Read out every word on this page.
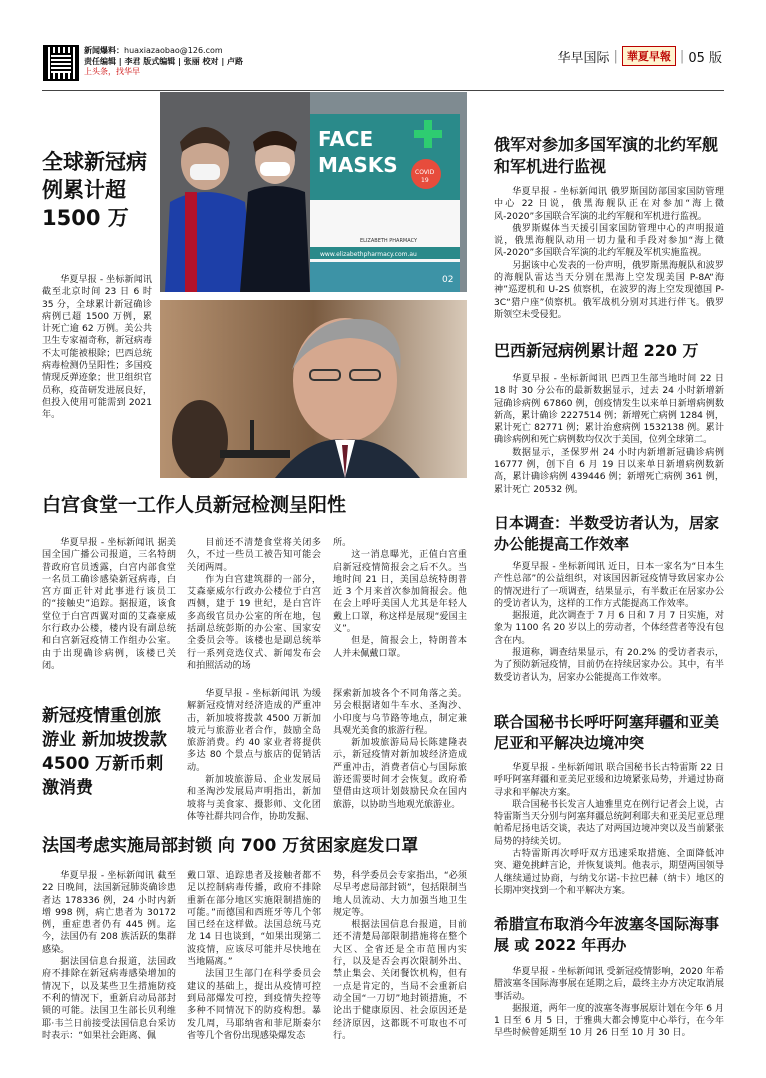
新闻爆料：huaxiazaobao@126.com
责任编辑 | 李君 版式编辑 | 张丽 校对 | 卢路
上头条，找华早
华早国际 | 華夏早報 | 05 版
FACE
MASKS	COVID
19
ELIZABETH PHARMACY
www.elizabethpharmacy.com.au
02
全球新冠病例累计超 1500 万

华夏早报 - 坐标新闻讯 截至北京时间 23 日 6 时 35 分，全球累计新冠确诊病例已超 1500 万例，累计死亡逾 62 万例。美公共卫生专家福奇称，新冠病毒不太可能被根除；巴西总统病毒检测仍呈阳性；多国疫情现反弹迹象；世卫组织官员称，疫苗研发进展良好，但投入使用可能需到 2021 年。

白宫食堂一工作人员新冠检测呈阳性

华夏早报 - 坐标新闻讯 据美国全国广播公司报道，三名特朗普政府官员透露，白宫内部食堂一名员工确诊感染新冠病毒，白宫方面正针对此事进行该员工的“接触史”追踪。据报道，该食堂位于白宫西翼对面的艾森豪威尔行政办公楼，楼内设有副总统和白宫新冠疫情工作组办公室。由于出现确诊病例，该楼已关闭。

目前还不清楚食堂将关闭多久，不过一些员工被告知可能会关闭两周。

作为白宫建筑群的一部分，艾森豪威尔行政办公楼位于白宫西侧，建于 19 世纪，是白宫许多高级官员办公室的所在地，包括副总统彭斯的办公室、国家安全委员会等。该楼也是副总统举行一系列竞选仪式、新闻发布会和拍照活动的场

所。

这一消息曝光，正值白宫重启新冠疫情简报会之后不久。当地时间 21 日，美国总统特朗普近 3 个月来首次参加简报会。他在会上呼吁美国人尤其是年轻人戴上口罩，称这样是展现“爱国主义”。

但是，简报会上，特朗普本人并未佩戴口罩。

新冠疫情重创旅游业 新加坡拨款 4500 万新币刺激消费

华夏早报 - 坐标新闻讯 为缓解新冠疫情对经济造成的严重冲击，新加坡将拨款 4500 万新加坡元与旅游业者合作，鼓励全岛旅游消费。约 40 家业者将提供多达 80 个景点与旅店的促销活动。

新加坡旅游局、企业发展局和圣淘沙发展局声明指出，新加坡将与美食家、摄影师、文化团体等社群共同合作，协助发掘、

探索新加坡各个不同角落之美。另会根据诸如牛车水、圣淘沙、小印度与乌节路等地点，制定兼具观光美食的旅游行程。

新加坡旅游局局长陈建隆表示，新冠疫情对新加坡经济造成严重冲击，消费者信心与国际旅游还需要时间才会恢复。政府希望借由这项计划鼓励民众在国内旅游，以协助当地观光旅游业。

法国考虑实施局部封锁 向 700 万贫困家庭发口罩

华夏早报 - 坐标新闻讯 截至 22 日晚间，法国新冠肺炎确诊患者达 178336 例，24 小时内新增 998 例，病亡患者为 30172 例，重症患者仍有 445 例。迄今，法国仍有 208 族活跃的集群感染。

据法国信息台报道，法国政府不排除在新冠病毒感染增加的情况下，以及某些卫生措施防疫不利的情况下，重新启动局部封锁的可能。法国卫生部长贝利维耶·韦兰日前接受法国信息台采访时表示：“如果社会距离、佩

戴口罩、追踪患者及接触者都不足以控制病毒传播，政府不排除重新在部分地区实施限制措施的可能。”而德国和西班牙等几个邻国已经在这样做。法国总统马克龙 14 日也谈到，“如果出现第二波疫情，应该尽可能并尽快地在当地隔离。”

法国卫生部门在科学委员会建议的基础上，提出从疫情可控到局部爆发可控，到疫情失控等多种不同情况下的防疫构想。暴发几周，马耶纳省和菲尼斯泰尔省等几个省份出现感染爆发态

势，科学委员会专家指出，“必须尽早考虑局部封锁”，包括限制当地人员流动、大力加强当地卫生规定等。

根据法国信息台报道，目前还不清楚局部限制措施将在整个大区、全省还是全市范围内实行，以及是否会再次限制外出、禁止集会、关闭餐饮机构，但有一点是肯定的，当局不会重新启动全国“一刀切”地封锁措施，不论出于健康原因、社会原因还是经济原因，这都既不可取也不可行。

俄军对参加多国军演的北约军舰和军机进行监视

华夏早报 - 坐标新闻讯 俄罗斯国防部国家国防管理中心 22 日说，俄黑海舰队正在对参加“海上微风-2020”多国联合军演的北约军舰和军机进行监视。

俄罗斯媒体当天援引国家国防管理中心的声明报道说，俄黑海舰队动用一切力量和手段对参加“海上微风-2020”多国联合军演的北约军舰及军机实施监视。

另据该中心发表的一份声明，俄罗斯黑海舰队和波罗的海舰队雷达当天分别在黑海上空发现美国 P-8A“海神”巡逻机和 U-2S 侦察机，在波罗的海上空发现德国 P-3C“猎户座”侦察机。俄军战机分别对其进行伴飞。俄罗斯领空未受侵犯。

巴西新冠病例累计超 220 万

华夏早报 - 坐标新闻讯 巴西卫生部当地时间 22 日 18 时 30 分公布的最新数据显示，过去 24 小时新增新冠确诊病例 67860 例，创疫情发生以来单日新增病例数新高，累计确诊 2227514 例；新增死亡病例 1284 例，累计死亡 82771 例；累计治愈病例 1532138 例。累计确诊病例和死亡病例数均仅次于美国，位列全球第二。

数据显示，圣保罗州 24 小时内新增新冠确诊病例 16777 例，创下自 6 月 19 日以来单日新增病例数新高，累计确诊病例 439446 例；新增死亡病例 361 例，累计死亡 20532 例。

日本调查：半数受访者认为，居家办公能提高工作效率

华夏早报 - 坐标新闻讯 近日，日本一家名为“日本生产性总部”的公益组织，对该国因新冠疫情导致居家办公的情况进行了一项调查，结果显示，有半数正在居家办公的受访者认为，这样的工作方式能提高工作效率。

据报道，此次调查于 7 月 6 日和 7 月 7 日实施，对象为 1100 名 20 岁以上的劳动者，个体经营者等没有包含在内。

报道称，调查结果显示，有 20.2% 的受访者表示，为了预防新冠疫情，目前仍在持续居家办公。其中，有半数受访者认为，居家办公能提高工作效率。

联合国秘书长呼吁阿塞拜疆和亚美尼亚和平解决边境冲突

华夏早报 - 坐标新闻讯 联合国秘书长古特雷斯 22 日呼吁阿塞拜疆和亚美尼亚缓和边境紧张局势，并通过协商寻求和平解决方案。

联合国秘书长发言人迪雅里克在例行记者会上说，古特雷斯当天分别与阿塞拜疆总统阿利耶夫和亚美尼亚总理帕希尼扬电话交谈，表达了对两国边境冲突以及当前紧张局势的持续关切。

古特雷斯再次呼吁双方迅速采取措施、全面降低冲突、避免挑衅言论，并恢复谈判。他表示，期望两国领导人继续通过协商，与纳戈尔诺-卡拉巴赫（纳卡）地区的长期冲突找到一个和平解决方案。

希腊宣布取消今年波塞冬国际海事展 或 2022 年再办

华夏早报 - 坐标新闻讯 受新冠疫情影响，2020 年希腊波塞冬国际海事展在延期之后，最终主办方决定取消展事活动。

据报道，两年一度的波塞冬海事展原计划在今年 6 月 1 日至 6 月 5 日，于雅典大都会博览中心举行，在今年早些时候曾延期至 10 月 26 日至 10 月 30 日。
